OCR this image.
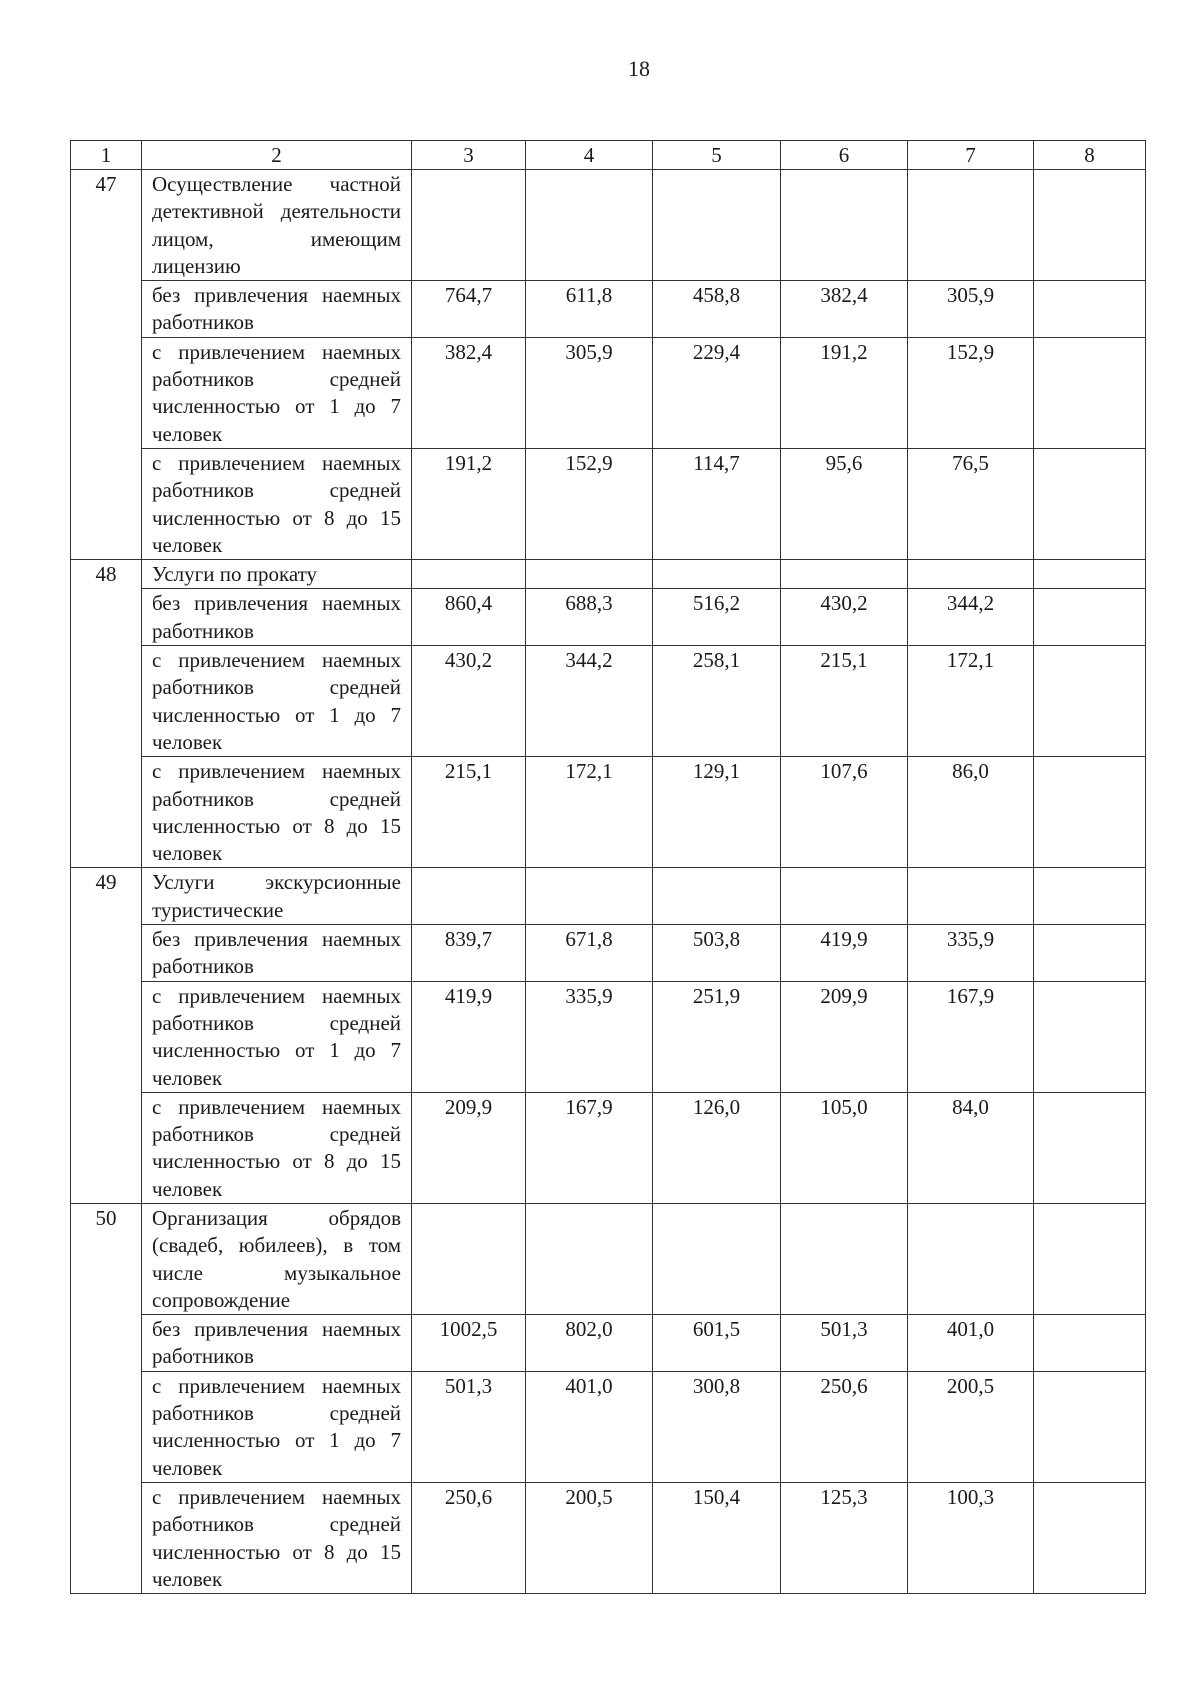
18
1	2	3	4	5	6	7	8
47	Осуществление частной детективной деятельности лицом, имеющим лицензию						

	без привлечения наемных работников	764,7	611,8	458,8	382,4	305,9	

	с привлечением наемных работников средней численностью от 1 до 7 человек	382,4	305,9	229,4	191,2	152,9	

	с привлечением наемных работников средней численностью от 8 до 15 человек	191,2	152,9	114,7	95,6	76,5	
48	Услуги по прокату						

	без привлечения наемных работников	860,4	688,3	516,2	430,2	344,2	

	с привлечением наемных работников средней численностью от 1 до 7 человек	430,2	344,2	258,1	215,1	172,1	

	с привлечением наемных работников средней численностью от 8 до 15 человек	215,1	172,1	129,1	107,6	86,0	
49	Услуги экскурсионные туристические						

	без привлечения наемных работников	839,7	671,8	503,8	419,9	335,9	

	с привлечением наемных работников средней численностью от 1 до 7 человек	419,9	335,9	251,9	209,9	167,9	

	с привлечением наемных работников средней численностью от 8 до 15 человек	209,9	167,9	126,0	105,0	84,0	
50	Организация обрядов (свадеб, юбилеев), в том числе музыкальное сопровождение						

	без привлечения наемных работников	1002,5	802,0	601,5	501,3	401,0	

	с привлечением наемных работников средней численностью от 1 до 7 человек	501,3	401,0	300,8	250,6	200,5	

	с привлечением наемных работников средней численностью от 8 до 15 человек	250,6	200,5	150,4	125,3	100,3	
